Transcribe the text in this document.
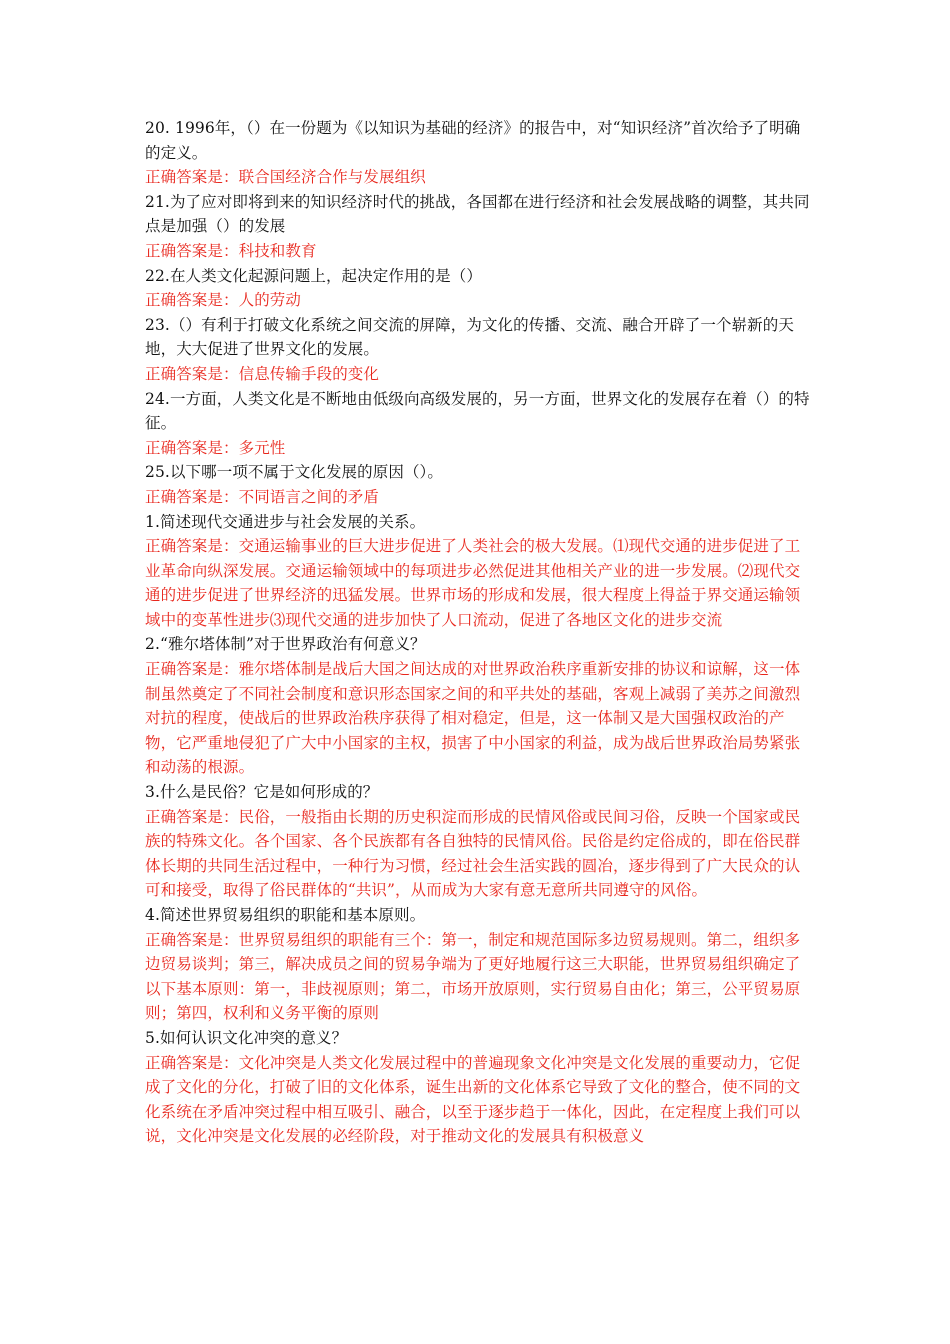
20. 1996年，（）在一份题为《以知识为基础的经济》的报告中，对“知识经济”首次给予了明确的定义。

正确答案是：联合国经济合作与发展组织

21.为了应对即将到来的知识经济时代的挑战，各国都在进行经济和社会发展战略的调整，其共同点是加强（）的发展

正确答案是：科技和教育

22.在人类文化起源问题上，起决定作用的是（）

正确答案是：人的劳动

23.（）有利于打破文化系统之间交流的屏障，为文化的传播、交流、融合开辟了一个崭新的天地，大大促进了世界文化的发展。

正确答案是：信息传输手段的变化

24.一方面，人类文化是不断地由低级向高级发展的，另一方面，世界文化的发展存在着（）的特征。

正确答案是：多元性

25.以下哪一项不属于文化发展的原因（）。

正确答案是：不同语言之间的矛盾

1.简述现代交通进步与社会发展的关系。

正确答案是：交通运输事业的巨大进步促进了人类社会的极大发展。⑴现代交通的进步促进了工业革命向纵深发展。交通运输领域中的每项进步必然促进其他相关产业的进一步发展。⑵现代交通的进步促进了世界经济的迅猛发展。世界市场的形成和发展，很大程度上得益于界交通运输领域中的变革性进步⑶现代交通的进步加快了人口流动，促进了各地区文化的进步交流

2.“雅尔塔体制”对于世界政治有何意义？

正确答案是：雅尔塔体制是战后大国之间达成的对世界政治秩序重新安排的协议和谅解，这一体制虽然奠定了不同社会制度和意识形态国家之间的和平共处的基础，客观上减弱了美苏之间激烈对抗的程度，使战后的世界政治秩序获得了相对稳定，但是，这一体制又是大国强权政治的产物，它严重地侵犯了广大中小国家的主权，损害了中小国家的利益，成为战后世界政治局势紧张和动荡的根源。

3.什么是民俗？它是如何形成的？

正确答案是：民俗，一般指由长期的历史积淀而形成的民情风俗或民间习俗，反映一个国家或民族的特殊文化。各个国家、各个民族都有各自独特的民情风俗。民俗是约定俗成的，即在俗民群体长期的共同生活过程中，一种行为习惯，经过社会生活实践的圆冶，逐步得到了广大民众的认可和接受，取得了俗民群体的“共识”，从而成为大家有意无意所共同遵守的风俗。

4.简述世界贸易组织的职能和基本原则。

正确答案是：世界贸易组织的职能有三个：第一，制定和规范国际多边贸易规则。第二，组织多边贸易谈判；第三，解决成员之间的贸易争端为了更好地履行这三大职能，世界贸易组织确定了以下基本原则：第一，非歧视原则；第二，市场开放原则，实行贸易自由化；第三，公平贸易原则；第四，权利和义务平衡的原则

5.如何认识文化冲突的意义？

正确答案是：文化冲突是人类文化发展过程中的普遍现象文化冲突是文化发展的重要动力，它促成了文化的分化，打破了旧的文化体系，诞生出新的文化体系它导致了文化的整合，使不同的文化系统在矛盾冲突过程中相互吸引、融合，以至于逐步趋于一体化，因此，在定程度上我们可以说，文化冲突是文化发展的必经阶段，对于推动文化的发展具有积极意义
